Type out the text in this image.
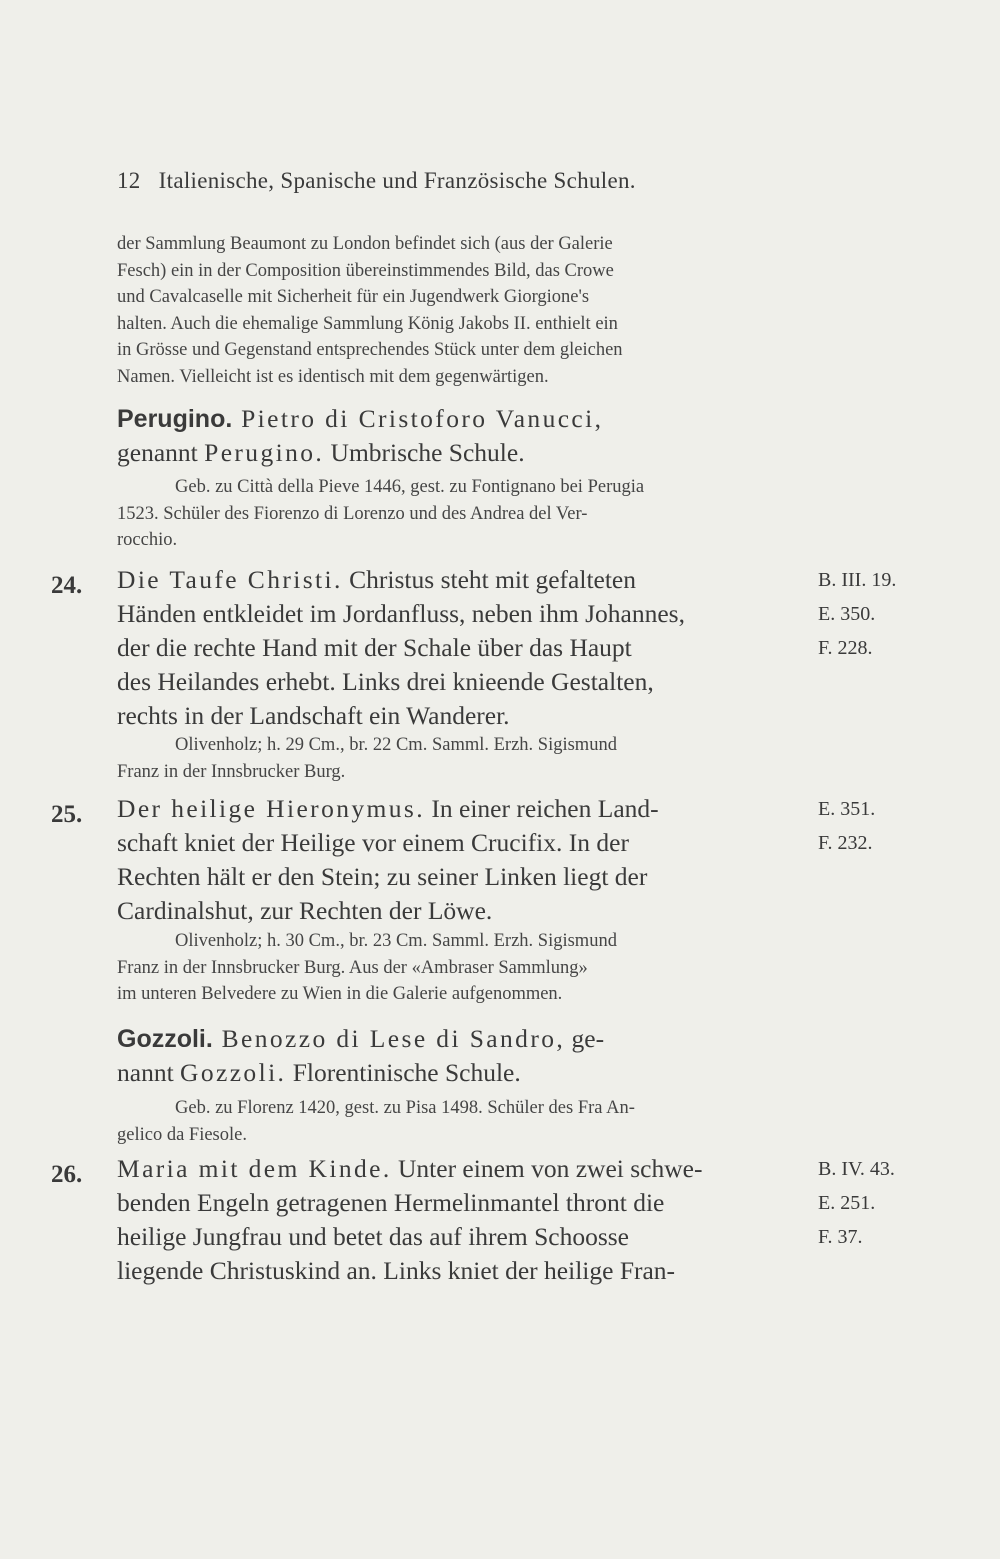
12 Italienische, Spanische und Französische Schulen.
der Sammlung Beaumont zu London befindet sich (aus der Galerie
Fesch) ein in der Composition übereinstimmendes Bild, das Crowe
und Cavalcaselle mit Sicherheit für ein Jugendwerk Giorgione's
halten. Auch die ehemalige Sammlung König Jakobs II. enthielt ein
in Grösse und Gegenstand entsprechendes Stück unter dem gleichen
Namen. Vielleicht ist es identisch mit dem gegenwärtigen.
Perugino. Pietro di Cristoforo Vanucci,
genannt Perugino. Umbrische Schule.
Geb. zu Città della Pieve 1446, gest. zu Fontignano bei Perugia
1523. Schüler des Fiorenzo di Lorenzo und des Andrea del Ver-
rocchio.
24. Die Taufe Christi. Christus steht mit gefalteten
Händen entkleidet im Jordanfluss, neben ihm Johannes,
der die rechte Hand mit der Schale über das Haupt
des Heilandes erhebt. Links drei knieende Gestalten,
rechts in der Landschaft ein Wanderer.
B. III. 19.
E. 350.
F. 228.
Olivenholz; h. 29 Cm., br. 22 Cm. Samml. Erzh. Sigismund
Franz in der Innsbrucker Burg.
25. Der heilige Hieronymus. In einer reichen Land-
schaft kniet der Heilige vor einem Crucifix. In der
Rechten hält er den Stein; zu seiner Linken liegt der
Cardinalshut, zur Rechten der Löwe.
E. 351.
F. 232.
Olivenholz; h. 30 Cm., br. 23 Cm. Samml. Erzh. Sigismund
Franz in der Innsbrucker Burg. Aus der «Ambraser Sammlung»
im unteren Belvedere zu Wien in die Galerie aufgenommen.
Gozzoli. Benozzo di Lese di Sandro, ge-
nannt Gozzoli. Florentinische Schule.
Geb. zu Florenz 1420, gest. zu Pisa 1498. Schüler des Fra An-
gelico da Fiesole.
26. Maria mit dem Kinde. Unter einem von zwei schwe-
benden Engeln getragenen Hermelinmantel thront die
heilige Jungfrau und betet das auf ihrem Schoosse
liegende Christuskind an. Links kniet der heilige Fran-
B. IV. 43.
E. 251.
F. 37.
